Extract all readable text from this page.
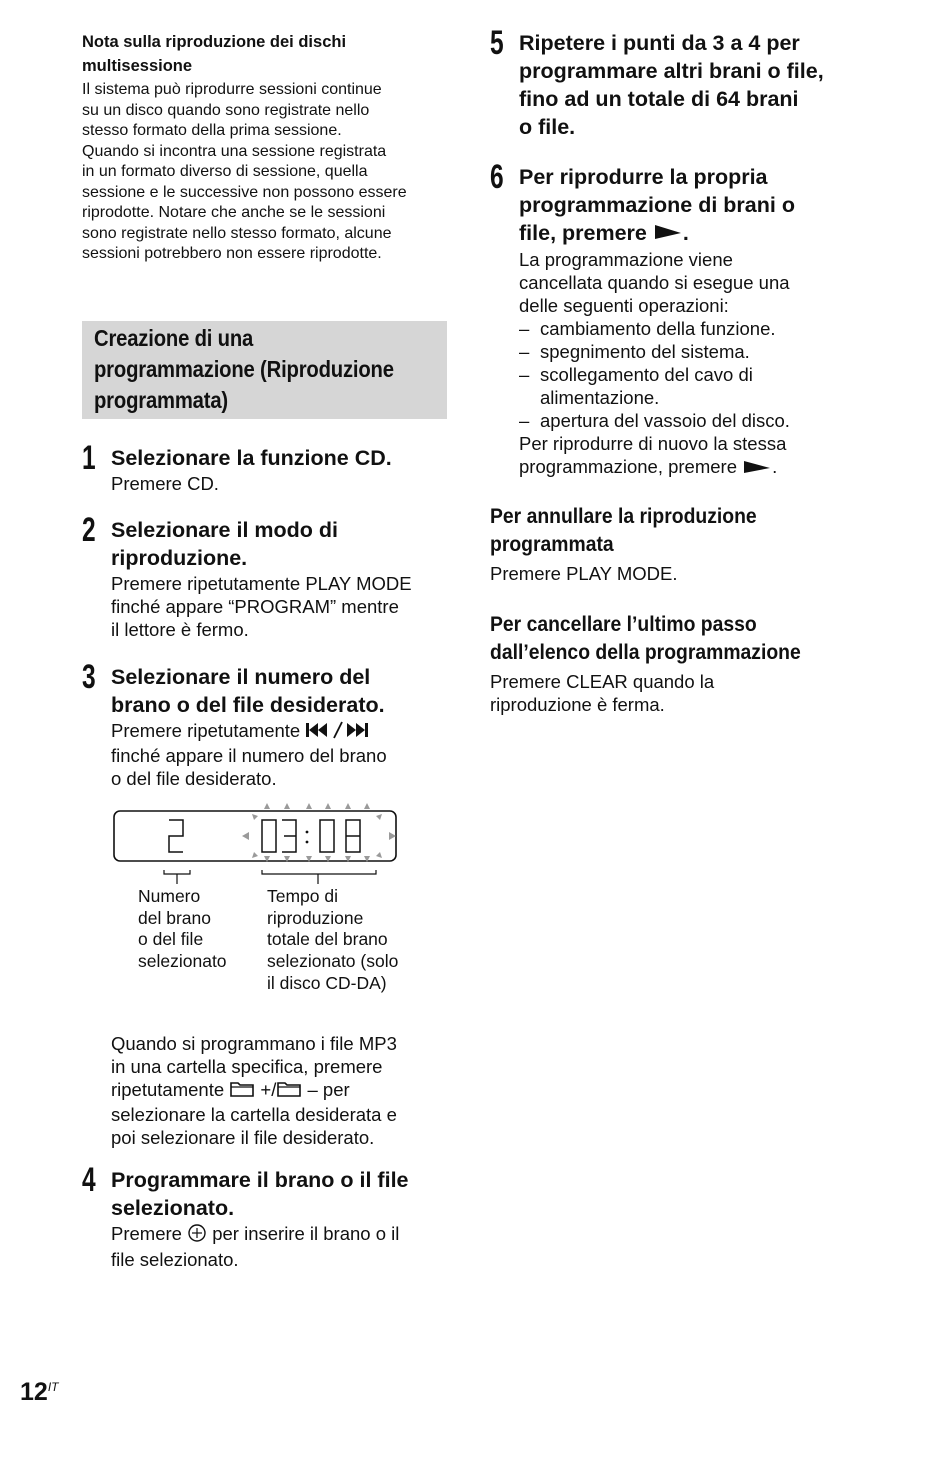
Nota sulla riproduzione dei dischi multisessione

Il sistema può riprodurre sessioni continue
su un disco quando sono registrate nello
stesso formato della prima sessione.
Quando si incontra una sessione registrata
in un formato diverso di sessione, quella
sessione e le successive non possono essere
riprodotte. Notare che anche se le sessioni
sono registrate nello stesso formato, alcune
sessioni potrebbero non essere riprodotte.

Creazione di una
programmazione (Riproduzione
programmata)
1 Selezionare la funzione CD.
Premere CD.
2 Selezionare il modo di
riproduzione.
Premere ripetutamente PLAY MODE
finché appare “PROGRAM” mentre
il lettore è fermo.
3 Selezionare il numero del
brano o del file desiderato.
Premere ripetutamente
finché appare il numero del brano
o del file desiderato.
Numero
del brano
o del file
selezionato
Tempo di
riproduzione
totale del brano
selezionato (solo
il disco CD-DA)
Quando si programmano i file MP3
in una cartella specifica, premere
ripetutamente  +/ – per
selezionare la cartella desiderata e
poi selezionare il file desiderato.
4 Programmare il brano o il file
selezionato.
Premere  per inserire il brano o il
file selezionato.
5 Ripetere i punti da 3 a 4 per
programmare altri brani o file,
fino ad un totale di 64 brani
o file.
6 Per riprodurre la propria
programmazione di brani o
file, premere .
La programmazione viene
cancellata quando si esegue una
delle seguenti operazioni:
– cambiamento della funzione.
– spegnimento del sistema.
– scollegamento del cavo di
alimentazione.
– apertura del vassoio del disco.
Per riprodurre di nuovo la stessa
programmazione, premere .

Per annullare la riproduzione
programmata

Premere PLAY MODE.

Per cancellare l’ultimo passo
dall’elenco della programmazione

Premere CLEAR quando la
riproduzione è ferma.

$12^{IT}$
